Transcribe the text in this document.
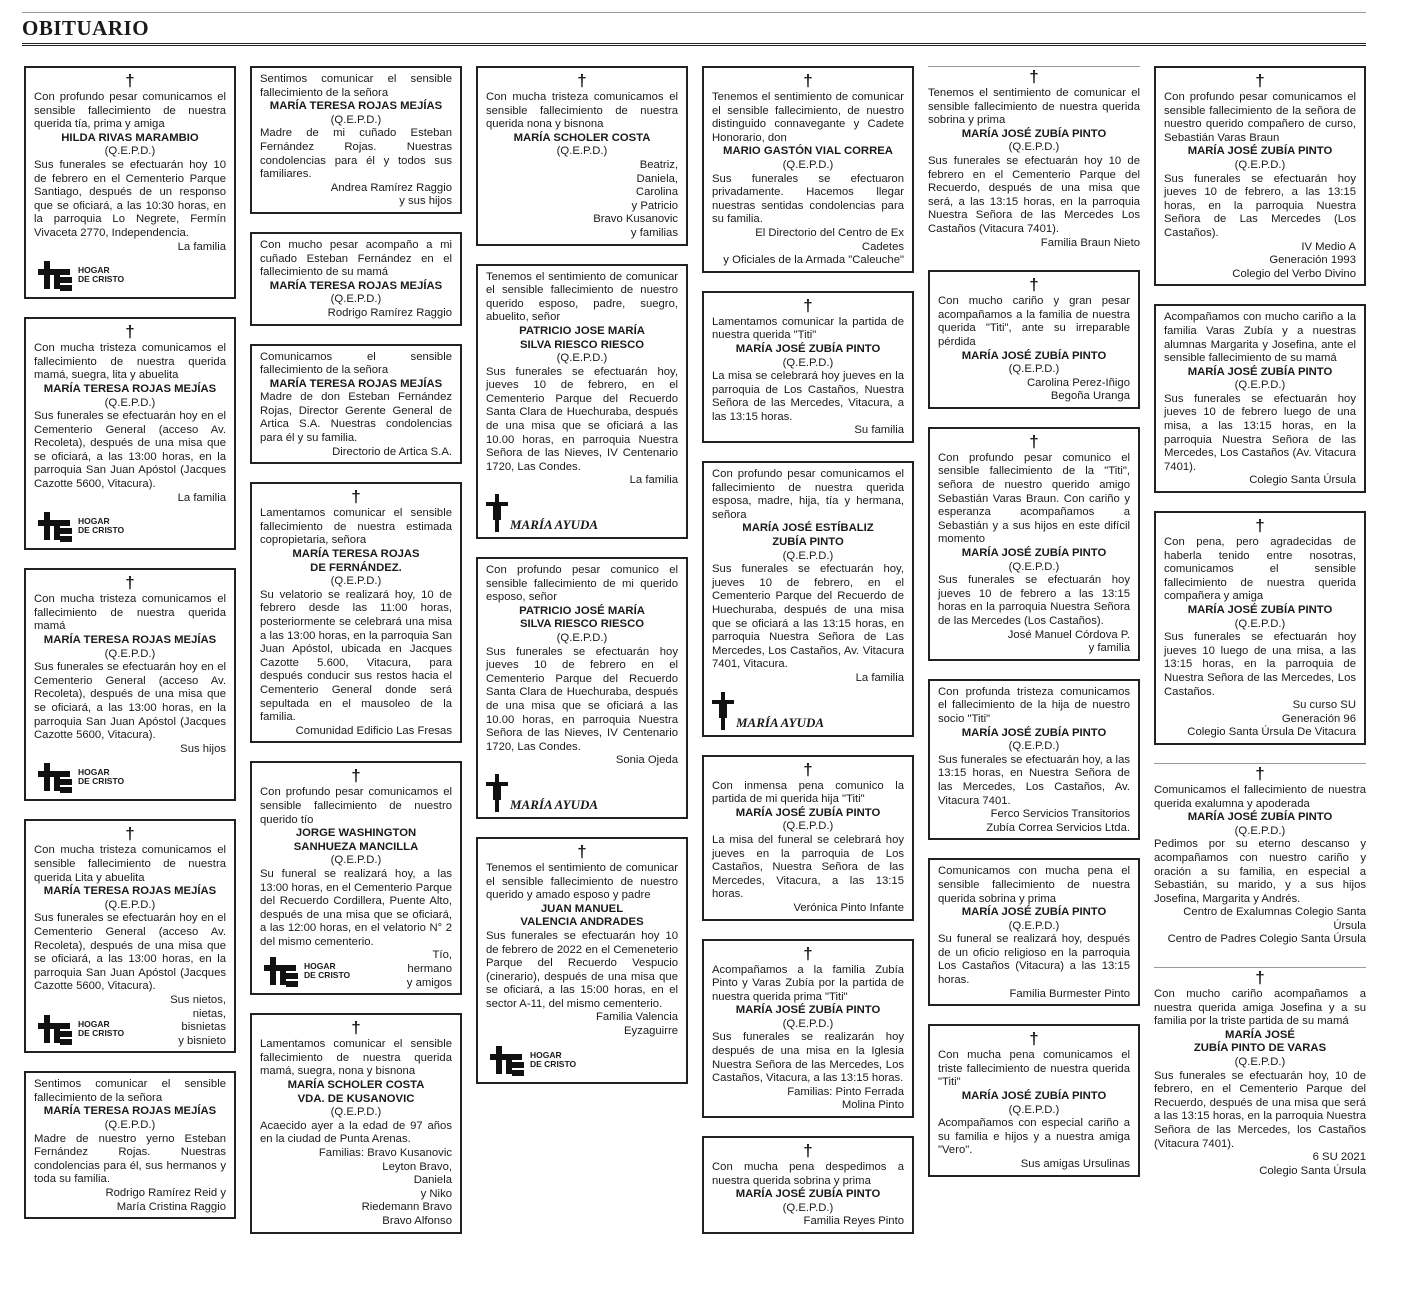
OBITUARIO
†
Con profundo pesar comunicamos el sensible fallecimiento de nuestra querida tía, prima y amiga
HILDA RIVAS MARAMBIO
(Q.E.P.D.)
Sus funerales se efectuarán hoy 10 de febrero en el Cementerio Parque Santiago, después de un responso que se oficiará, a las 10:30 horas, en la parroquia Lo Negrete, Fermín Vivaceta 2770, Independencia.
La familia
HOGAR
DE CRISTO
†
Con mucha tristeza comunicamos el fallecimiento de nuestra querida mamá, suegra, lita y abuelita
MARÍA TERESA ROJAS MEJÍAS
(Q.E.P.D.)
Sus funerales se efectuarán hoy en el Cementerio General (acceso Av. Recoleta), después de una misa que se oficiará, a las 13:00 horas, en la parroquia San Juan Apóstol (Jacques Cazotte 5600, Vitacura).
La familia
HOGAR
DE CRISTO
†
Con mucha tristeza comunicamos el fallecimiento de nuestra querida mamá
MARÍA TERESA ROJAS MEJÍAS
(Q.E.P.D.)
Sus funerales se efectuarán hoy en el Cementerio General (acceso Av. Recoleta), después de una misa que se oficiará, a las 13:00 horas, en la parroquia San Juan Apóstol (Jacques Cazotte 5600, Vitacura).
Sus hijos
HOGAR
DE CRISTO
†
Con mucha tristeza comunicamos el sensible fallecimiento de nuestra querida Lita y abuelita
MARÍA TERESA ROJAS MEJÍAS
(Q.E.P.D.)
Sus funerales se efectuarán hoy en el Cementerio General (acceso Av. Recoleta), después de una misa que se oficiará, a las 13:00 horas, en la parroquia San Juan Apóstol (Jacques Cazotte 5600, Vitacura).
HOGAR
DE CRISTO
Sus nietos,
nietas,
bisnietas
y bisnieto
Sentimos comunicar el sensible fallecimiento de la señora
MARÍA TERESA ROJAS MEJÍAS
(Q.E.P.D.)
Madre de nuestro yerno Esteban Fernández Rojas. Nuestras condolencias para él, sus hermanos y toda su familia.
Rodrigo Ramírez Reid y
María Cristina Raggio
Sentimos comunicar el sensible fallecimiento de la señora
MARÍA TERESA ROJAS MEJÍAS
(Q.E.P.D.)
Madre de mi cuñado Esteban Fernández Rojas. Nuestras condolencias para él y todos sus familiares.
Andrea Ramírez Raggio
y sus hijos
Con mucho pesar acompaño a mi cuñado Esteban Fernández en el fallecimiento de su mamá
MARÍA TERESA ROJAS MEJÍAS
(Q.E.P.D.)
Rodrigo Ramírez Raggio
Comunicamos el sensible fallecimiento de la señora
MARÍA TERESA ROJAS MEJÍAS
Madre de don Esteban Fernández Rojas, Director Gerente General de Artica S.A. Nuestras condolencias para él y su familia.
Directorio de Artica S.A.
†
Lamentamos comunicar el sensible fallecimiento de nuestra estimada copropietaria, señora
MARÍA TERESA ROJAS
DE FERNÁNDEZ.
(Q.E.P.D.)
Su velatorio se realizará hoy, 10 de febrero desde las 11:00 horas, posteriormente se celebrará una misa a las 13:00 horas, en la parroquia San Juan Apóstol, ubicada en Jacques Cazotte 5.600, Vitacura, para después conducir sus restos hacia el Cementerio General donde será sepultada en el mausoleo de la familia.
Comunidad Edificio Las Fresas
†
Con profundo pesar comunicamos el sensible fallecimiento de nuestro querido tío
JORGE WASHINGTON
SANHUEZA MANCILLA
(Q.E.P.D.)
Su funeral se realizará hoy, a las 13:00 horas, en el Cementerio Parque del Recuerdo Cordillera, Puente Alto, después de una misa que se oficiará, a las 12:00 horas, en el velatorio N° 2 del mismo cementerio.
HOGAR
DE CRISTO
Tío,
hermano
y amigos
†
Lamentamos comunicar el sensible fallecimiento de nuestra querida mamá, suegra, nona y bisnona
MARÍA SCHOLER COSTA
VDA. DE KUSANOVIC
(Q.E.P.D.)
Acaecido ayer a la edad de 97 años en la ciudad de Punta Arenas.
Familias: Bravo Kusanovic
Leyton Bravo,
Daniela
y Niko
Riedemann Bravo
Bravo Alfonso
†
Con mucha tristeza comunicamos el sensible fallecimiento de nuestra querida nona y bisnona
MARÍA SCHOLER COSTA
(Q.E.P.D.)
Beatriz,
Daniela,
Carolina
y Patricio
Bravo Kusanovic
y familias
Tenemos el sentimiento de comunicar el sensible fallecimiento de nuestro querido esposo, padre, suegro, abuelito, señor
PATRICIO JOSE MARÍA
SILVA RIESCO RIESCO
(Q.E.P.D.)
Sus funerales se efectuarán hoy, jueves 10 de febrero, en el Cementerio Parque del Recuerdo Santa Clara de Huechuraba, después de una misa que se oficiará a las 10.00 horas, en parroquia Nuestra Señora de las Nieves, IV Centenario 1720, Las Condes.
La familia
MARÍA AYUDA
Con profundo pesar comunico el sensible fallecimiento de mi querido esposo, señor
PATRICIO JOSÉ MARÍA
SILVA RIESCO RIESCO
(Q.E.P.D.)
Sus funerales se efectuarán hoy jueves 10 de febrero en el Cementerio Parque del Recuerdo Santa Clara de Huechuraba, después de una misa que se oficiará a las 10.00 horas, en parroquia Nuestra Señora de las Nieves, IV Centenario 1720, Las Condes.
Sonia Ojeda
MARÍA AYUDA
†
Tenemos el sentimiento de comunicar el sensible fallecimiento de nuestro querido y amado esposo y padre
JUAN MANUEL
VALENCIA ANDRADES
Sus funerales se efectuarán hoy 10 de febrero de 2022 en el Cemeneterio Parque del Recuerdo Vespucio (cinerario), después de una misa que se oficiará, a las 15:00 horas, en el sector A-11, del mismo cementerio.
Familia Valencia
Eyzaguirre
HOGAR
DE CRISTO
†
Tenemos el sentimiento de comunicar el sensible fallecimiento, de nuestro distinguido connavegante y Cadete Honorario, don
MARIO GASTÓN VIAL CORREA
(Q.E.P.D.)
Sus funerales se efectuaron privadamente. Hacemos llegar nuestras sentidas condolencias para su familia.
El Directorio del Centro de Ex
Cadetes
y Oficiales de la Armada "Caleuche"
†
Lamentamos comunicar la partida de nuestra querida "Titi"
MARÍA JOSÉ ZUBÍA PINTO
(Q.E.P.D.)
La misa se celebrará hoy jueves en la parroquia de Los Castaños, Nuestra Señora de las Mercedes, Vitacura, a las 13:15 horas.
Su familia
Con profundo pesar comunicamos el fallecimiento de nuestra querida esposa, madre, hija, tía y hermana, señora
MARÍA JOSÉ ESTÍBALIZ
ZUBÍA PINTO
(Q.E.P.D.)
Sus funerales se efectuarán hoy, jueves 10 de febrero, en el Cementerio Parque del Recuerdo de Huechuraba, después de una misa que se oficiará a las 13:15 horas, en parroquia Nuestra Señora de Las Mercedes, Los Castaños, Av. Vitacura 7401, Vitacura.
La familia
MARÍA AYUDA
†
Con inmensa pena comunico la partida de mi querida hija "Titi"
MARÍA JOSÉ ZUBÍA PINTO
(Q.E.P.D.)
La misa del funeral se celebrará hoy jueves en la parroquia de Los Castaños, Nuestra Señora de las Mercedes, Vitacura, a las 13:15 horas.
Verónica Pinto Infante
†
Acompañamos a la familia Zubía Pinto y Varas Zubía por la partida de nuestra querida prima "Titi"
MARÍA JOSÉ ZUBÍA PINTO
(Q.E.P.D.)
Sus funerales se realizarán hoy después de una misa en la Iglesia Nuestra Señora de las Mercedes, Los Castaños, Vitacura, a las 13:15 horas.
Familias: Pinto Ferrada
Molina Pinto
†
Con mucha pena despedimos a nuestra querida sobrina y prima
MARÍA JOSÉ ZUBÍA PINTO
(Q.E.P.D.)
Familia Reyes Pinto
†
Tenemos el sentimiento de comunicar el sensible fallecimiento de nuestra querida sobrina y prima
MARÍA JOSÉ ZUBÍA PINTO
(Q.E.P.D.)
Sus funerales se efectuarán hoy 10 de febrero en el Cementerio Parque del Recuerdo, después de una misa que será, a las 13:15 horas, en la parroquia Nuestra Señora de las Mercedes Los Castaños (Vitacura 7401).
Familia Braun Nieto
†
Con mucho cariño y gran pesar acompañamos a la familia de nuestra querida "Titi", ante su irreparable pérdida
MARÍA JOSÉ ZUBÍA PINTO
(Q.E.P.D.)
Carolina Perez-Iñigo
Begoña Uranga
†
Con profundo pesar comunico el sensible fallecimiento de la "Titi", señora de nuestro querido amigo Sebastián Varas Braun. Con cariño y esperanza acompañamos a Sebastián y a sus hijos en este difícil momento
MARÍA JOSÉ ZUBÍA PINTO
(Q.E.P.D.)
Sus funerales se efectuarán hoy jueves 10 de febrero a las 13:15 horas en la parroquia Nuestra Señora de las Mercedes (Los Castaños).
José Manuel Córdova P.
y familia
Con profunda tristeza comunicamos el fallecimiento de la hija de nuestro socio "Titi"
MARÍA JOSÉ ZUBÍA PINTO
(Q.E.P.D.)
Sus funerales se efectuarán hoy, a las 13:15 horas, en Nuestra Señora de las Mercedes, Los Castaños, Av. Vitacura 7401.
Ferco Servicios Transitorios
Zubía Correa Servicios Ltda.
Comunicamos con mucha pena el sensible fallecimiento de nuestra querida sobrina y prima
MARÍA JOSÉ ZUBÍA PINTO
(Q.E.P.D.)
Su funeral se realizará hoy, después de un oficio religioso en la parroquia Los Castaños (Vitacura) a las 13:15 horas.
Familia Burmester Pinto
†
Con mucha pena comunicamos el triste fallecimiento de nuestra querida "Titi"
MARÍA JOSÉ ZUBÍA PINTO
(Q.E.P.D.)
Acompañamos con especial cariño a su familia e hijos y a nuestra amiga "Vero".
Sus amigas Ursulinas
†
Con profundo pesar comunicamos el sensible fallecimiento de la señora de nuestro querido compañero de curso, Sebastián Varas Braun
MARÍA JOSÉ ZUBÍA PINTO
(Q.E.P.D.)
Sus funerales se efectuarán hoy jueves 10 de febrero, a las 13:15 horas, en la parroquia Nuestra Señora de Las Mercedes (Los Castaños).
IV Medio A
Generación 1993
Colegio del Verbo Divino
Acompañamos con mucho cariño a la familia Varas Zubía y a nuestras alumnas Margarita y Josefina, ante el sensible fallecimiento de su mamá
MARÍA JOSÉ ZUBÍA PINTO
(Q.E.P.D.)
Sus funerales se efectuarán hoy jueves 10 de febrero luego de una misa, a las 13:15 horas, en la parroquia Nuestra Señora de las Mercedes, Los Castaños (Av. Vitacura 7401).
Colegio Santa Úrsula
†
Con pena, pero agradecidas de haberla tenido entre nosotras, comunicamos el sensible fallecimiento de nuestra querida compañera y amiga
MARÍA JOSÉ ZUBÍA PINTO
(Q.E.P.D.)
Sus funerales se efectuarán hoy jueves 10 luego de una misa, a las 13:15 horas, en la parroquia de Nuestra Señora de las Mercedes, Los Castaños.
Su curso SU
Generación 96
Colegio Santa Úrsula De Vitacura
†
Comunicamos el fallecimiento de nuestra querida exalumna y apoderada
MARÍA JOSÉ ZUBÍA PINTO
(Q.E.P.D.)
Pedimos por su eterno descanso y acompañamos con nuestro cariño y oración a su familia, en especial a Sebastián, su marido, y a sus hijos Josefina, Margarita y Andrés.
Centro de Exalumnas Colegio Santa
Úrsula
Centro de Padres Colegio Santa Úrsula
†
Con mucho cariño acompañamos a nuestra querida amiga Josefina y a su familia por la triste partida de su mamá
MARÍA JOSÉ
ZUBÍA PINTO DE VARAS
(Q.E.P.D.)
Sus funerales se efectuarán hoy, 10 de febrero, en el Cementerio Parque del Recuerdo, después de una misa que será a las 13:15 horas, en la parroquia Nuestra Señora de las Mercedes, los Castaños (Vitacura 7401).
6 SU 2021
Colegio Santa Úrsula
